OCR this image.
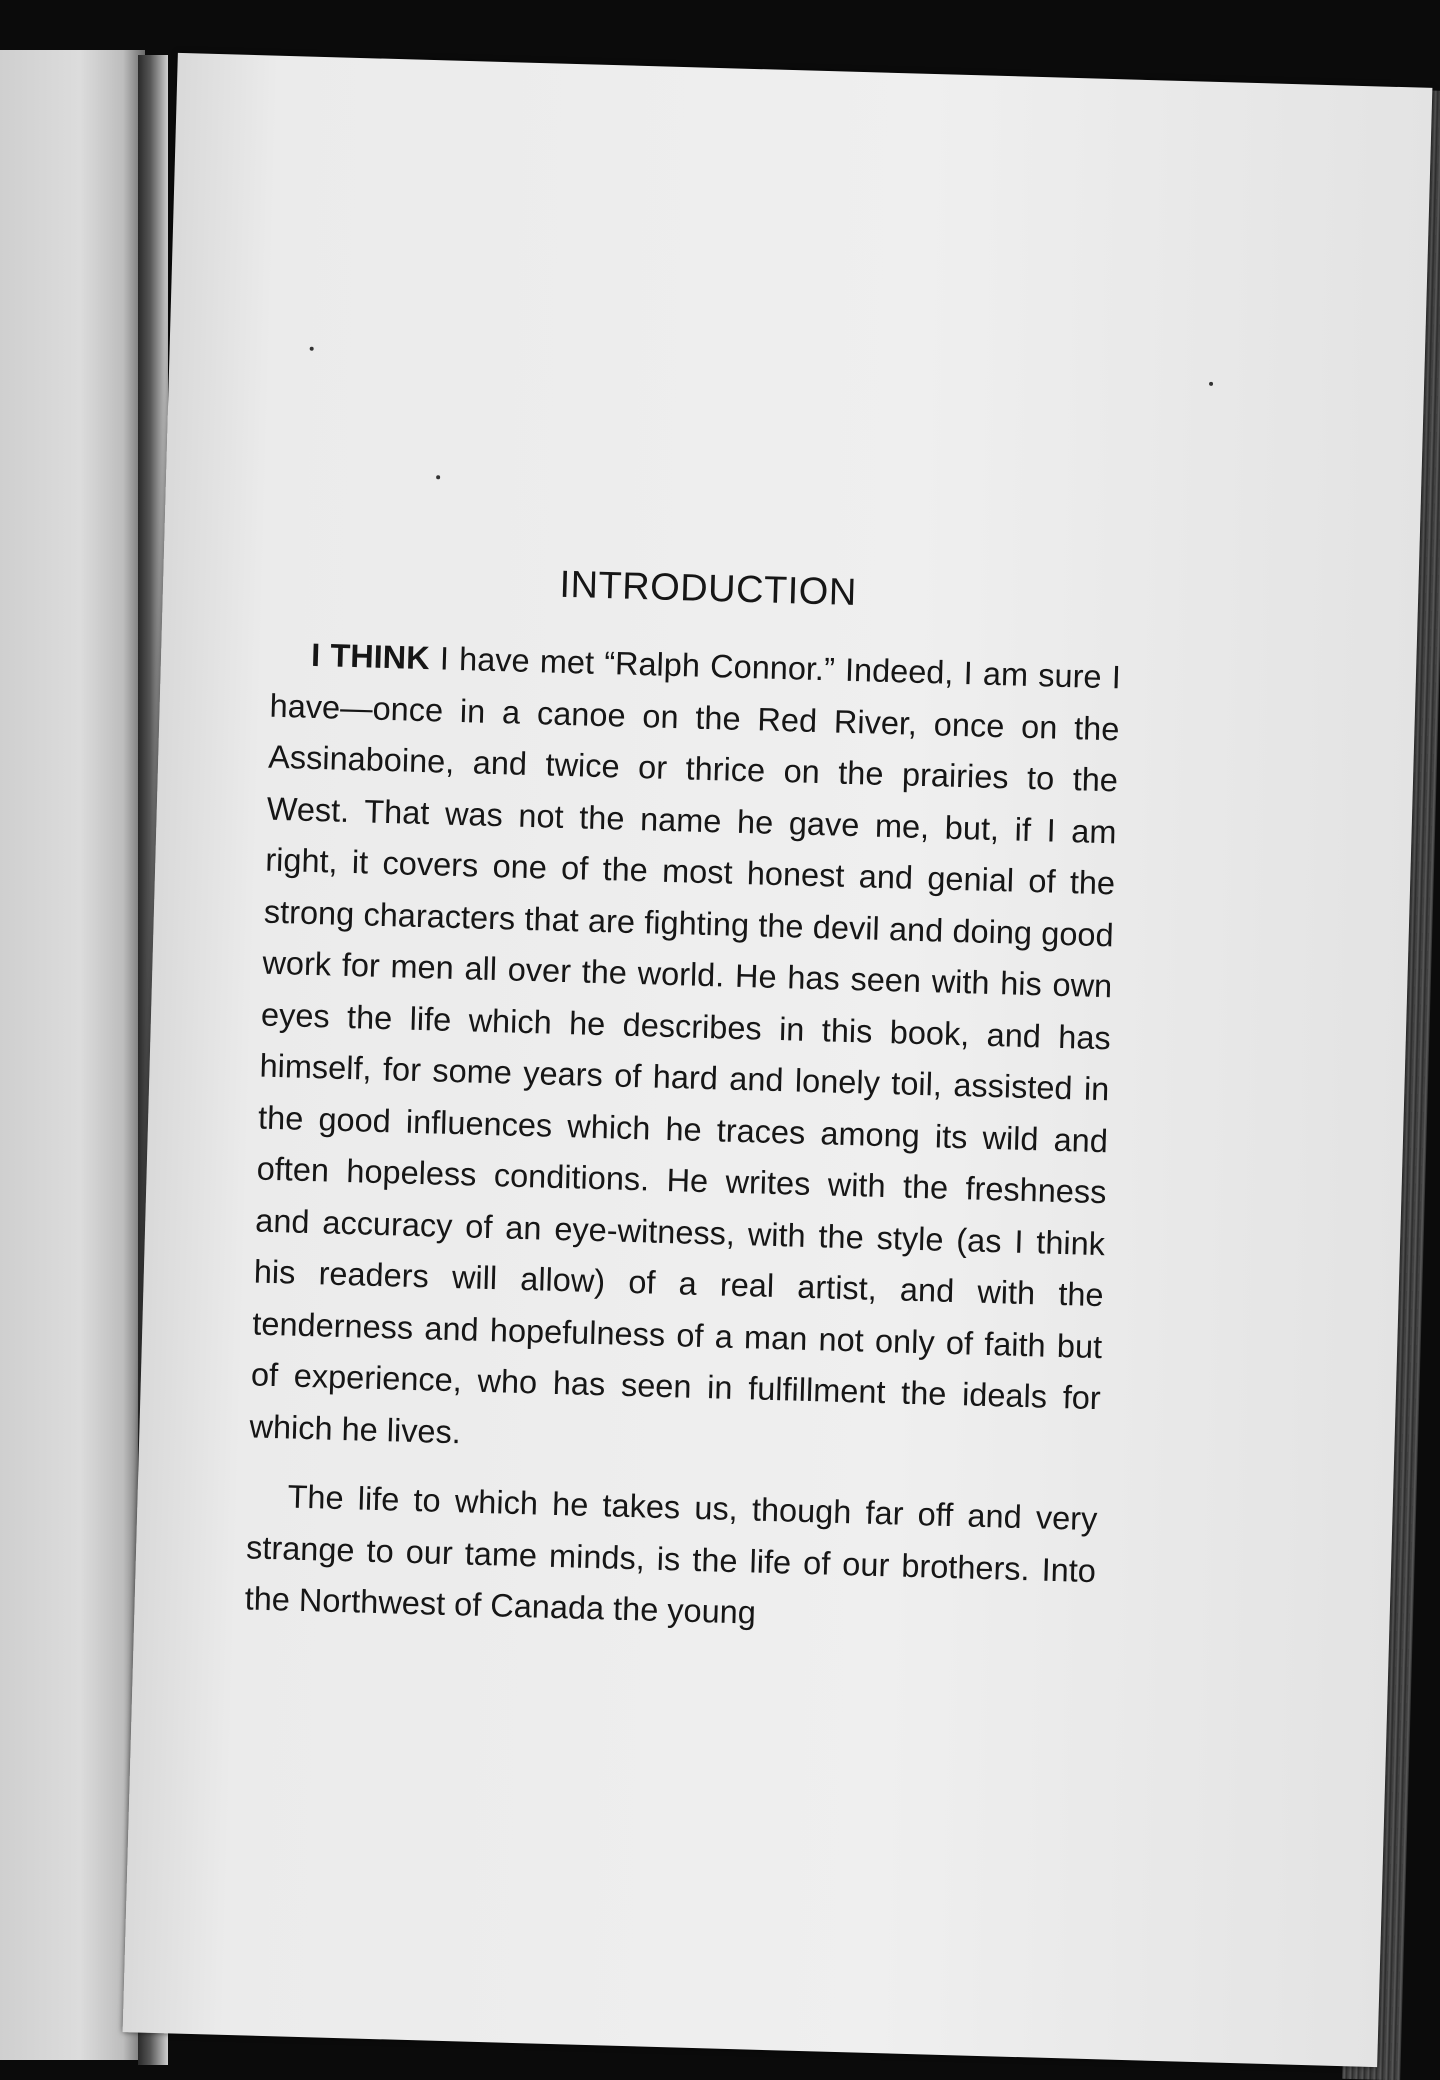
INTRODUCTION

I THINK I have met “Ralph Connor.” Indeed, I am sure I have—once in a canoe on the Red River, once on the Assinaboine, and twice or thrice on the prairies to the West. That was not the name he gave me, but, if I am right, it covers one of the most honest and genial of the strong characters that are fighting the devil and doing good work for men all over the world. He has seen with his own eyes the life which he describes in this book, and has himself, for some years of hard and lonely toil, assisted in the good influences which he traces among its wild and often hopeless conditions. He writes with the freshness and accuracy of an eye-witness, with the style (as I think his readers will allow) of a real artist, and with the tenderness and hopefulness of a man not only of faith but of experience, who has seen in fulfillment the ideals for which he lives.

The life to which he takes us, though far off and very strange to our tame minds, is the life of our brothers. Into the Northwest of Canada the young
